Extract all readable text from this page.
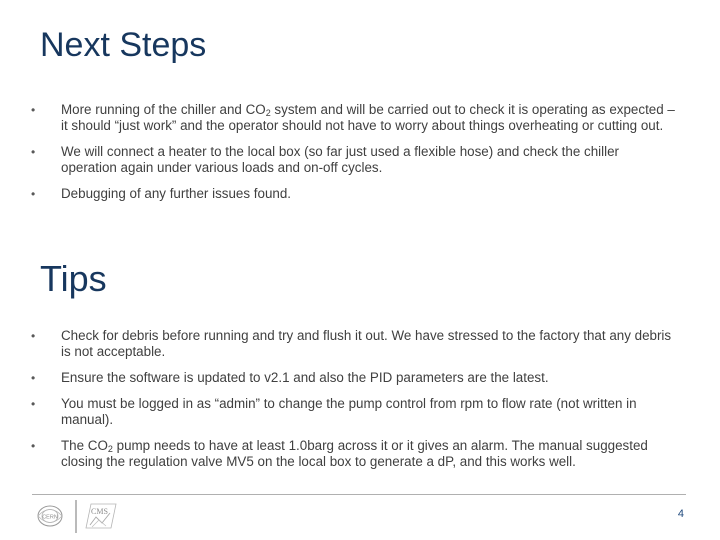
Next Steps
• More running of the chiller and $CO_2$ system and will be carried out to check it is operating as expected – it should “just work” and the operator should not have to worry about things overheating or cutting out.
• We will connect a heater to the local box (so far just used a flexible hose) and check the chiller operation again under various loads and on-off cycles.
• Debugging of any further issues found.
Tips
• Check for debris before running and try and flush it out. We have stressed to the factory that any debris is not acceptable.
• Ensure the software is updated to v2.1 and also the PID parameters are the latest.
• You must be logged in as “admin” to change the pump control from rpm to flow rate (not written in manual).
• The $CO_2$ pump needs to have at least 1.0barg across it or it gives an alarm. The manual suggested closing the regulation valve MV5 on the local box to generate a dP, and this works well.
CERN
CMS	4
